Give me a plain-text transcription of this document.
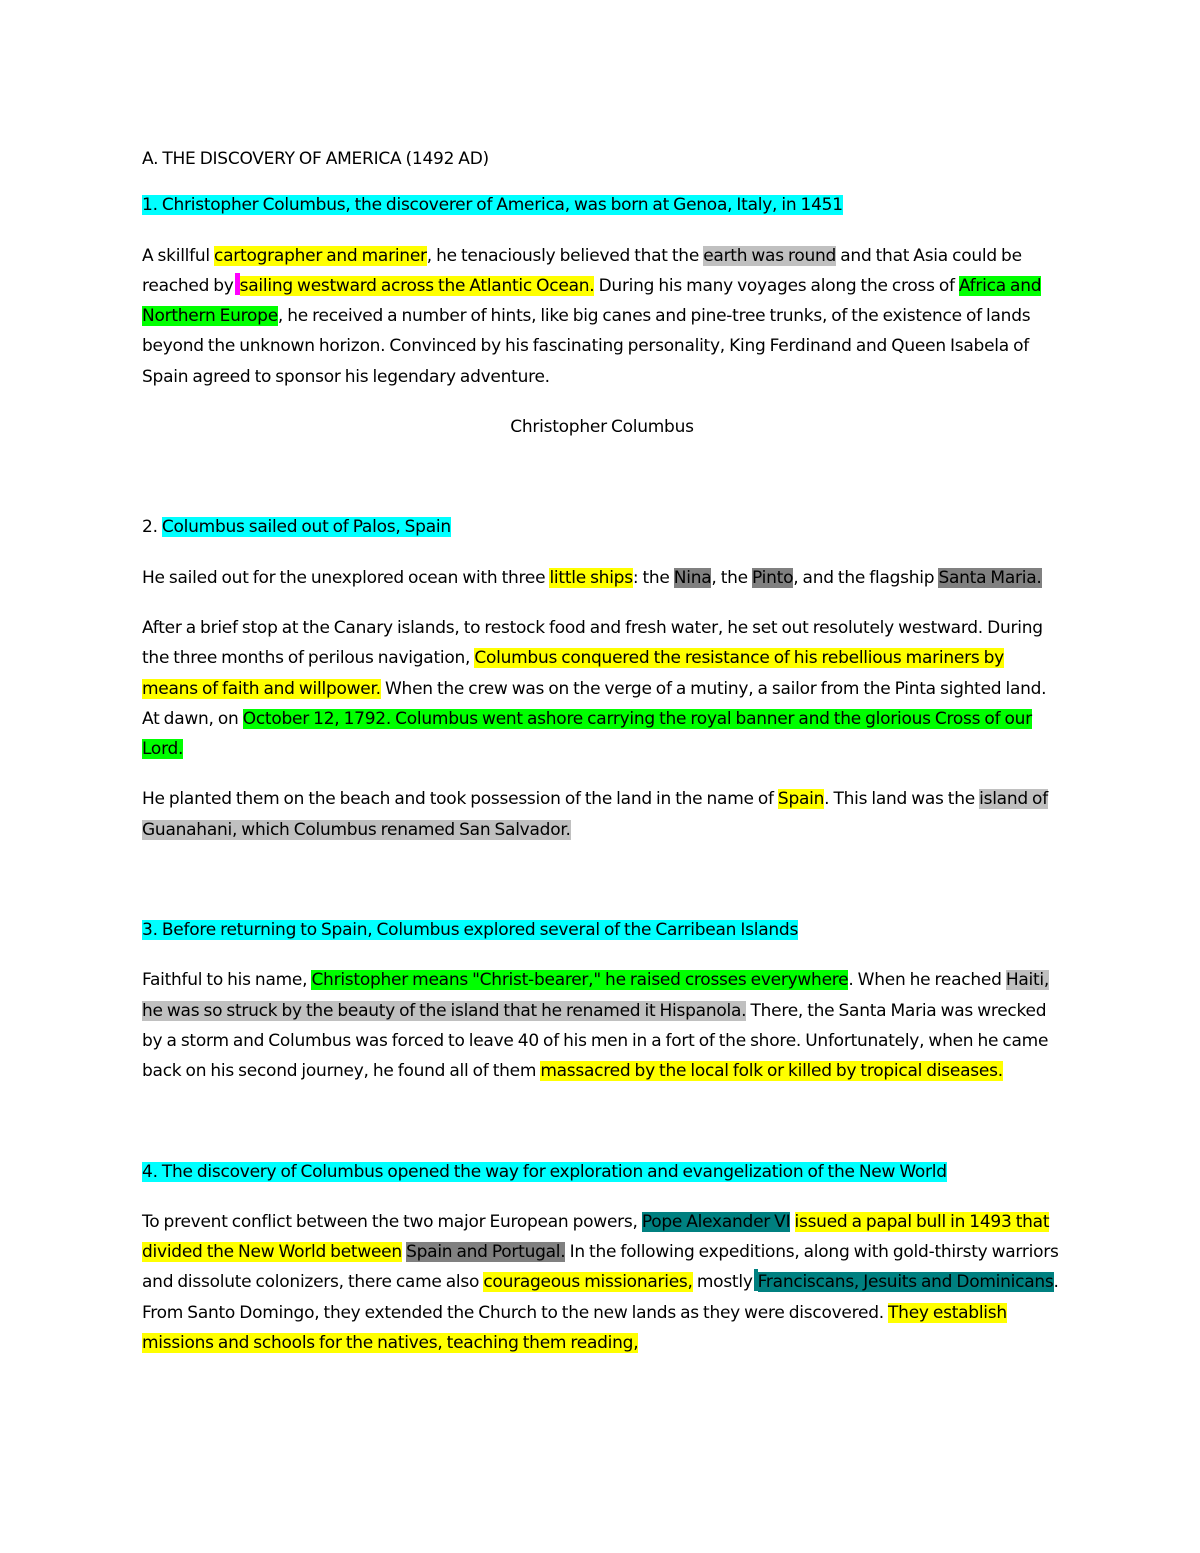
A. THE DISCOVERY OF AMERICA (1492 AD)

1. Christopher Columbus, the discoverer of America, was born at Genoa, Italy, in 1451

A skillful cartographer and mariner, he tenaciously believed that the earth was round and that Asia could be reached by sailing westward across the Atlantic Ocean. During his many voyages along the cross of Africa and Northern Europe, he received a number of hints, like big canes and pine-tree trunks, of the existence of lands beyond the unknown horizon. Convinced by his fascinating personality, King Ferdinand and Queen Isabela of Spain agreed to sponsor his legendary adventure.

Christopher Columbus

2. Columbus sailed out of Palos, Spain

He sailed out for the unexplored ocean with three little ships: the Nina, the Pinto, and the flagship Santa Maria.

After a brief stop at the Canary islands, to restock food and fresh water, he set out resolutely westward. During the three months of perilous navigation, Columbus conquered the resistance of his rebellious mariners by means of faith and willpower. When the crew was on the verge of a mutiny, a sailor from the Pinta sighted land. At dawn, on October 12, 1792. Columbus went ashore carrying the royal banner and the glorious Cross of our Lord.

He planted them on the beach and took possession of the land in the name of Spain. This land was the island of Guanahani, which Columbus renamed San Salvador.

3. Before returning to Spain, Columbus explored several of the Carribean Islands

Faithful to his name, Christopher means "Christ-bearer," he raised crosses everywhere. When he reached Haiti, he was so struck by the beauty of the island that he renamed it Hispanola. There, the Santa Maria was wrecked by a storm and Columbus was forced to leave 40 of his men in a fort of the shore. Unfortunately, when he came back on his second journey, he found all of them massacred by the local folk or killed by tropical diseases.

4. The discovery of Columbus opened the way for exploration and evangelization of the New World

To prevent conflict between the two major European powers, Pope Alexander VI issued a papal bull in 1493 that divided the New World between Spain and Portugal. In the following expeditions, along with gold-thirsty warriors and dissolute colonizers, there came also courageous missionaries, mostly Franciscans, Jesuits and Dominicans. From Santo Domingo, they extended the Church to the new lands as they were discovered. They establish missions and schools for the natives, teaching them reading,
